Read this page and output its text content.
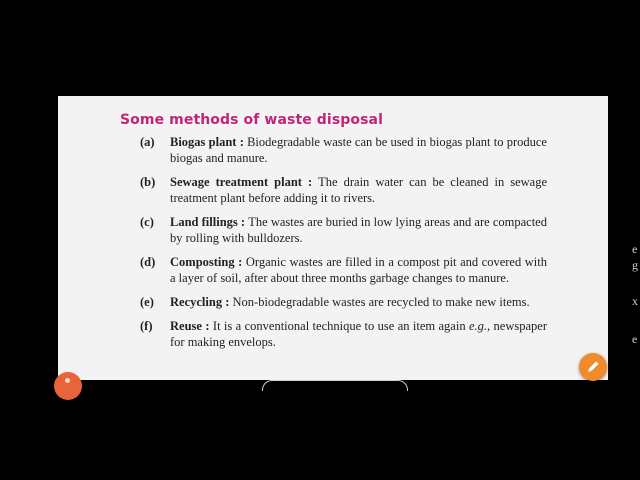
Some methods of waste disposal
(a) Biogas plant : Biodegradable waste can be used in biogas plant to produce biogas and manure.
(b) Sewage treatment plant : The drain water can be cleaned in sewage treatment plant before adding it to rivers.
(c) Land fillings : The wastes are buried in low lying areas and are compacted by rolling with bulldozers.
(d) Composting : Organic wastes are filled in a compost pit and covered with a layer of soil, after about three months garbage changes to manure.
(e) Recycling : Non-biodegradable wastes are recycled to make new items.
(f) Reuse : It is a conventional technique to use an item again e.g., newspaper for making envelops.
e
g
x
e
